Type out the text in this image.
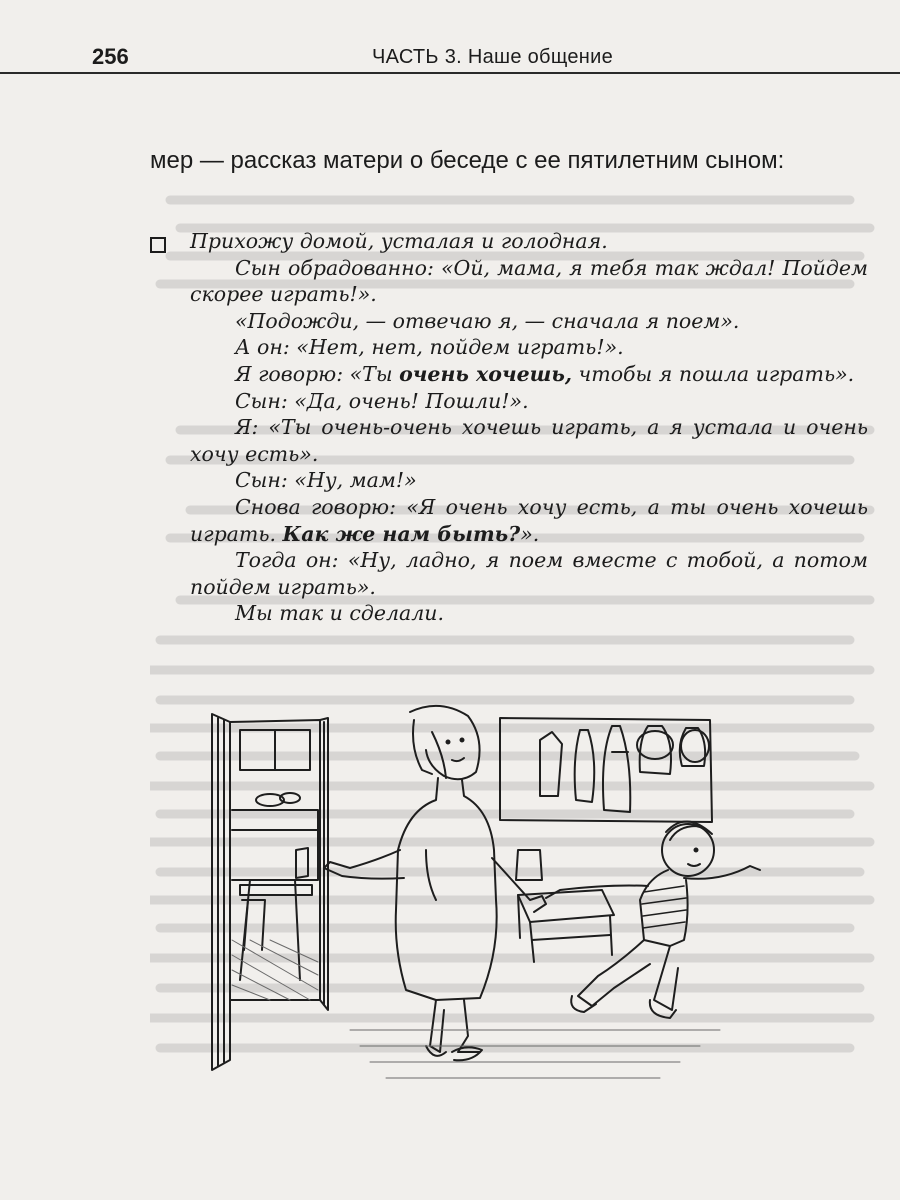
256	ЧАСТЬ 3. Наше общение

мер — рассказ матери о беседе с ее пятилетним сыном:

Прихожу домой, усталая и голодная.

Сын обрадованно: «Ой, мама, я тебя так ждал! Пойдем скорее играть!».

«Подожди, — отвечаю я, — сначала я поем».

А он: «Нет, нет, пойдем играть!».

Я говорю: «Ты очень хочешь, чтобы я пошла играть».

Сын: «Да, очень! Пошли!».

Я: «Ты очень-очень хочешь играть, а я устала и очень хочу есть».

Сын: «Ну, мам!»

Снова говорю: «Я очень хочу есть, а ты очень хочешь играть. Как же нам быть?».

Тогда он: «Ну, ладно, я поем вместе с тобой, а потом пойдем играть».

Мы так и сделали.
